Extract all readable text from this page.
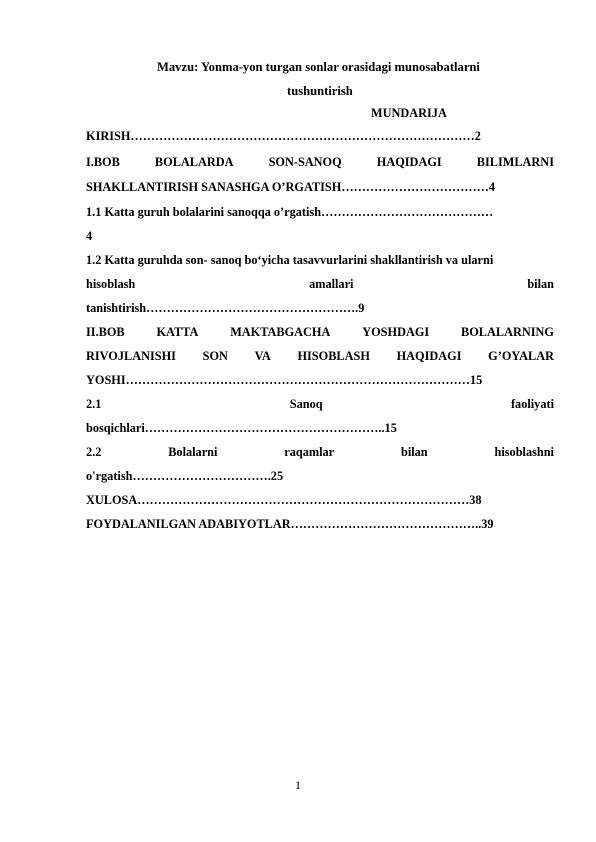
Mavzu: Yonma-yon turgan sonlar orasidagi munosabatlarni
tushuntirish
MUNDARIJA
KIRISH…………………………………………………………………………2
I.BOB	BOLALARDA	SON-SANOQ	HAQIDAGI	BILIMLARNI
SHAKLLANTIRISH SANASHGA O’RGATISH………………………………4
1.1 Katta guruh bolalarini sanoqqa o’rgatish……………………………………
4
1.2 Katta guruhda son- sanoq bo‘yicha tasavvurlarini shakllantirish va ularni
hisoblash	amallari	bilan
tanishtirish…………………………………………….9
II.BOB	KATTA	MAKTABGACHA	YOSHDAGI	BOLALARNING
RIVOJLANISHI SON VA HISOBLASH HAQIDAGI G’OYALAR
YOSHI…………………………………………………………………………15
2.1	Sanoq	faoliyati
bosqichlari…………………………………………………..15
2.2	Bolalarni	raqamlar	bilan	hisoblashni
o'rgatish…………………………….25
XULOSA………………………………………………………………………38
FOYDALANILGAN ADABIYOTLAR………………………………………..39
1
